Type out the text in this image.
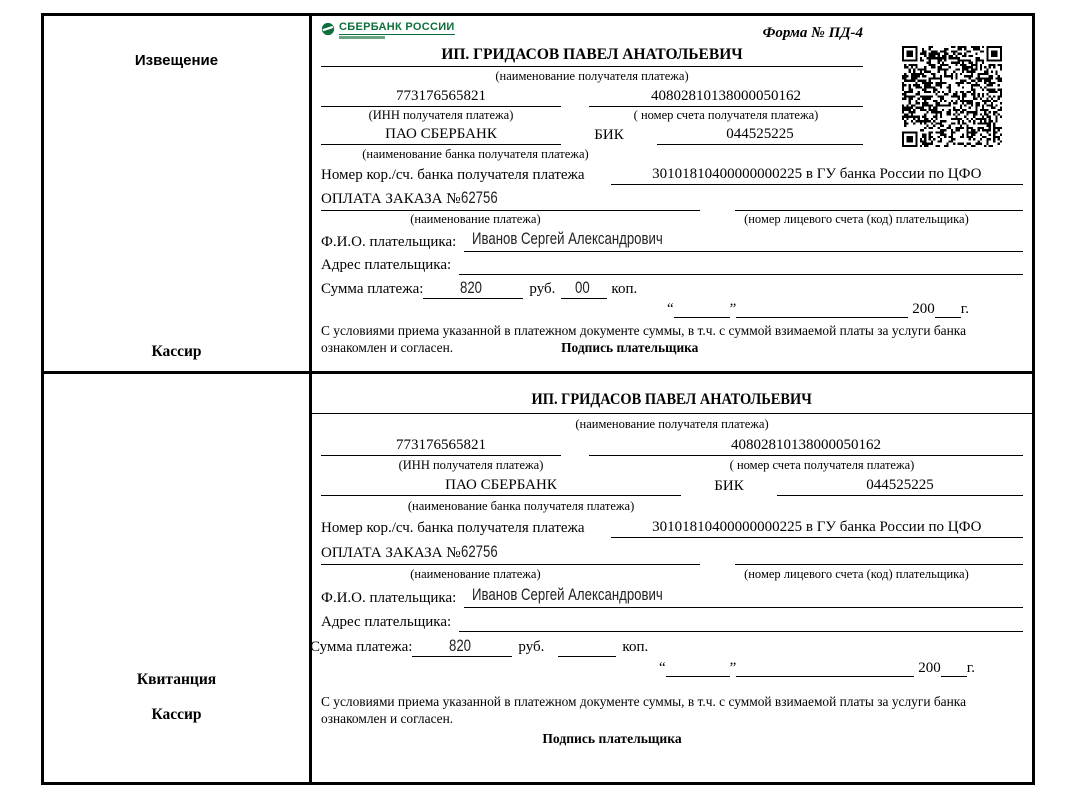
Извещение
Кассир
СБЕРБАНК РОССИИ	Форма № ПД-4
ИП. ГРИДАСОВ ПАВЕЛ АНАТОЛЬЕВИЧ
(наименование получателя платежа)
773176565821	40802810138000050162
(ИНН получателя платежа)	( номер счета получателя платежа)
ПАО СБЕРБАНК	БИК	044525225
(наименование банка получателя платежа)
Номер кор./сч. банка получателя платежа	30101810400000000225 в ГУ банка России по ЦФО
ОПЛАТА ЗАКАЗА №62756
(наименование платежа)	(номер лицевого счета (код) плательщика)
Ф.И.О. плательщика: Иванов Сергей Александрович
Адрес плательщика:
Сумма платежа:	820	руб.	00	коп.
“	”	200 г.
С условиями приема указанной в платежном документе суммы, в т.ч. с суммой взимаемой платы за услуги банка
ознакомлен и согласен.	Подпись плательщика
Квитанция
Кассир
ИП. ГРИДАСОВ ПАВЕЛ АНАТОЛЬЕВИЧ
(наименование получателя платежа)
773176565821	40802810138000050162
(ИНН получателя платежа)	( номер счета получателя платежа)
ПАО СБЕРБАНК	БИК	044525225
(наименование банка получателя платежа)
Номер кор./сч. банка получателя платежа	30101810400000000225 в ГУ банка России по ЦФО
ОПЛАТА ЗАКАЗА №62756
(наименование платежа)	(номер лицевого счета (код) плательщика)
Ф.И.О. плательщика: Иванов Сергей Александрович
Адрес плательщика:
Сумма платежа:	820	руб.	коп.
“	”	200 г.
С условиями приема указанной в платежном документе суммы, в т.ч. с суммой взимаемой платы за услуги банка
ознакомлен и согласен.
Подпись плательщика
